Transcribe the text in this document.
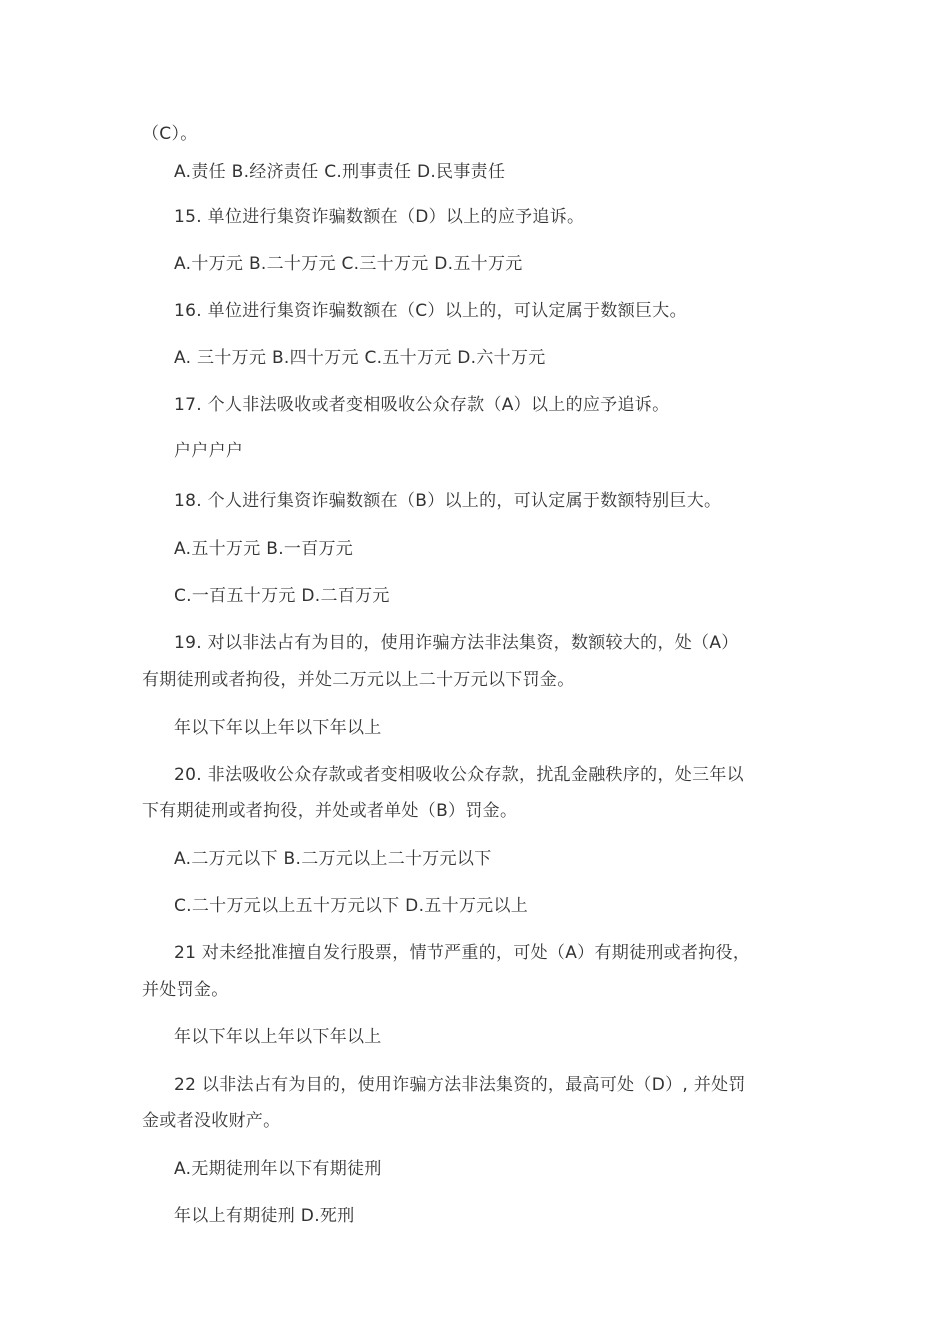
（C）。
A.责任 B.经济责任 C.刑事责任 D.民事责任
15. 单位进行集资诈骗数额在（D）以上的应予追诉。
A.十万元 B.二十万元 C.三十万元 D.五十万元
16. 单位进行集资诈骗数额在（C）以上的，可认定属于数额巨大。
A. 三十万元 B.四十万元 C.五十万元 D.六十万元
17. 个人非法吸收或者变相吸收公众存款（A）以上的应予追诉。
户户户户
18. 个人进行集资诈骗数额在（B）以上的，可认定属于数额特别巨大。
A.五十万元 B.一百万元
C.一百五十万元 D.二百万元
19. 对以非法占有为目的，使用诈骗方法非法集资，数额较大的，处（A）
有期徒刑或者拘役，并处二万元以上二十万元以下罚金。
年以下年以上年以下年以上
20. 非法吸收公众存款或者变相吸收公众存款，扰乱金融秩序的，处三年以
下有期徒刑或者拘役，并处或者单处（B）罚金。
A.二万元以下 B.二万元以上二十万元以下
C.二十万元以上五十万元以下 D.五十万元以上
21 对未经批准擅自发行股票，情节严重的，可处（A）有期徒刑或者拘役，
并处罚金。
年以下年以上年以下年以上
22 以非法占有为目的，使用诈骗方法非法集资的，最高可处（D）, 并处罚
金或者没收财产。
A.无期徒刑年以下有期徒刑
年以上有期徒刑 D.死刑
